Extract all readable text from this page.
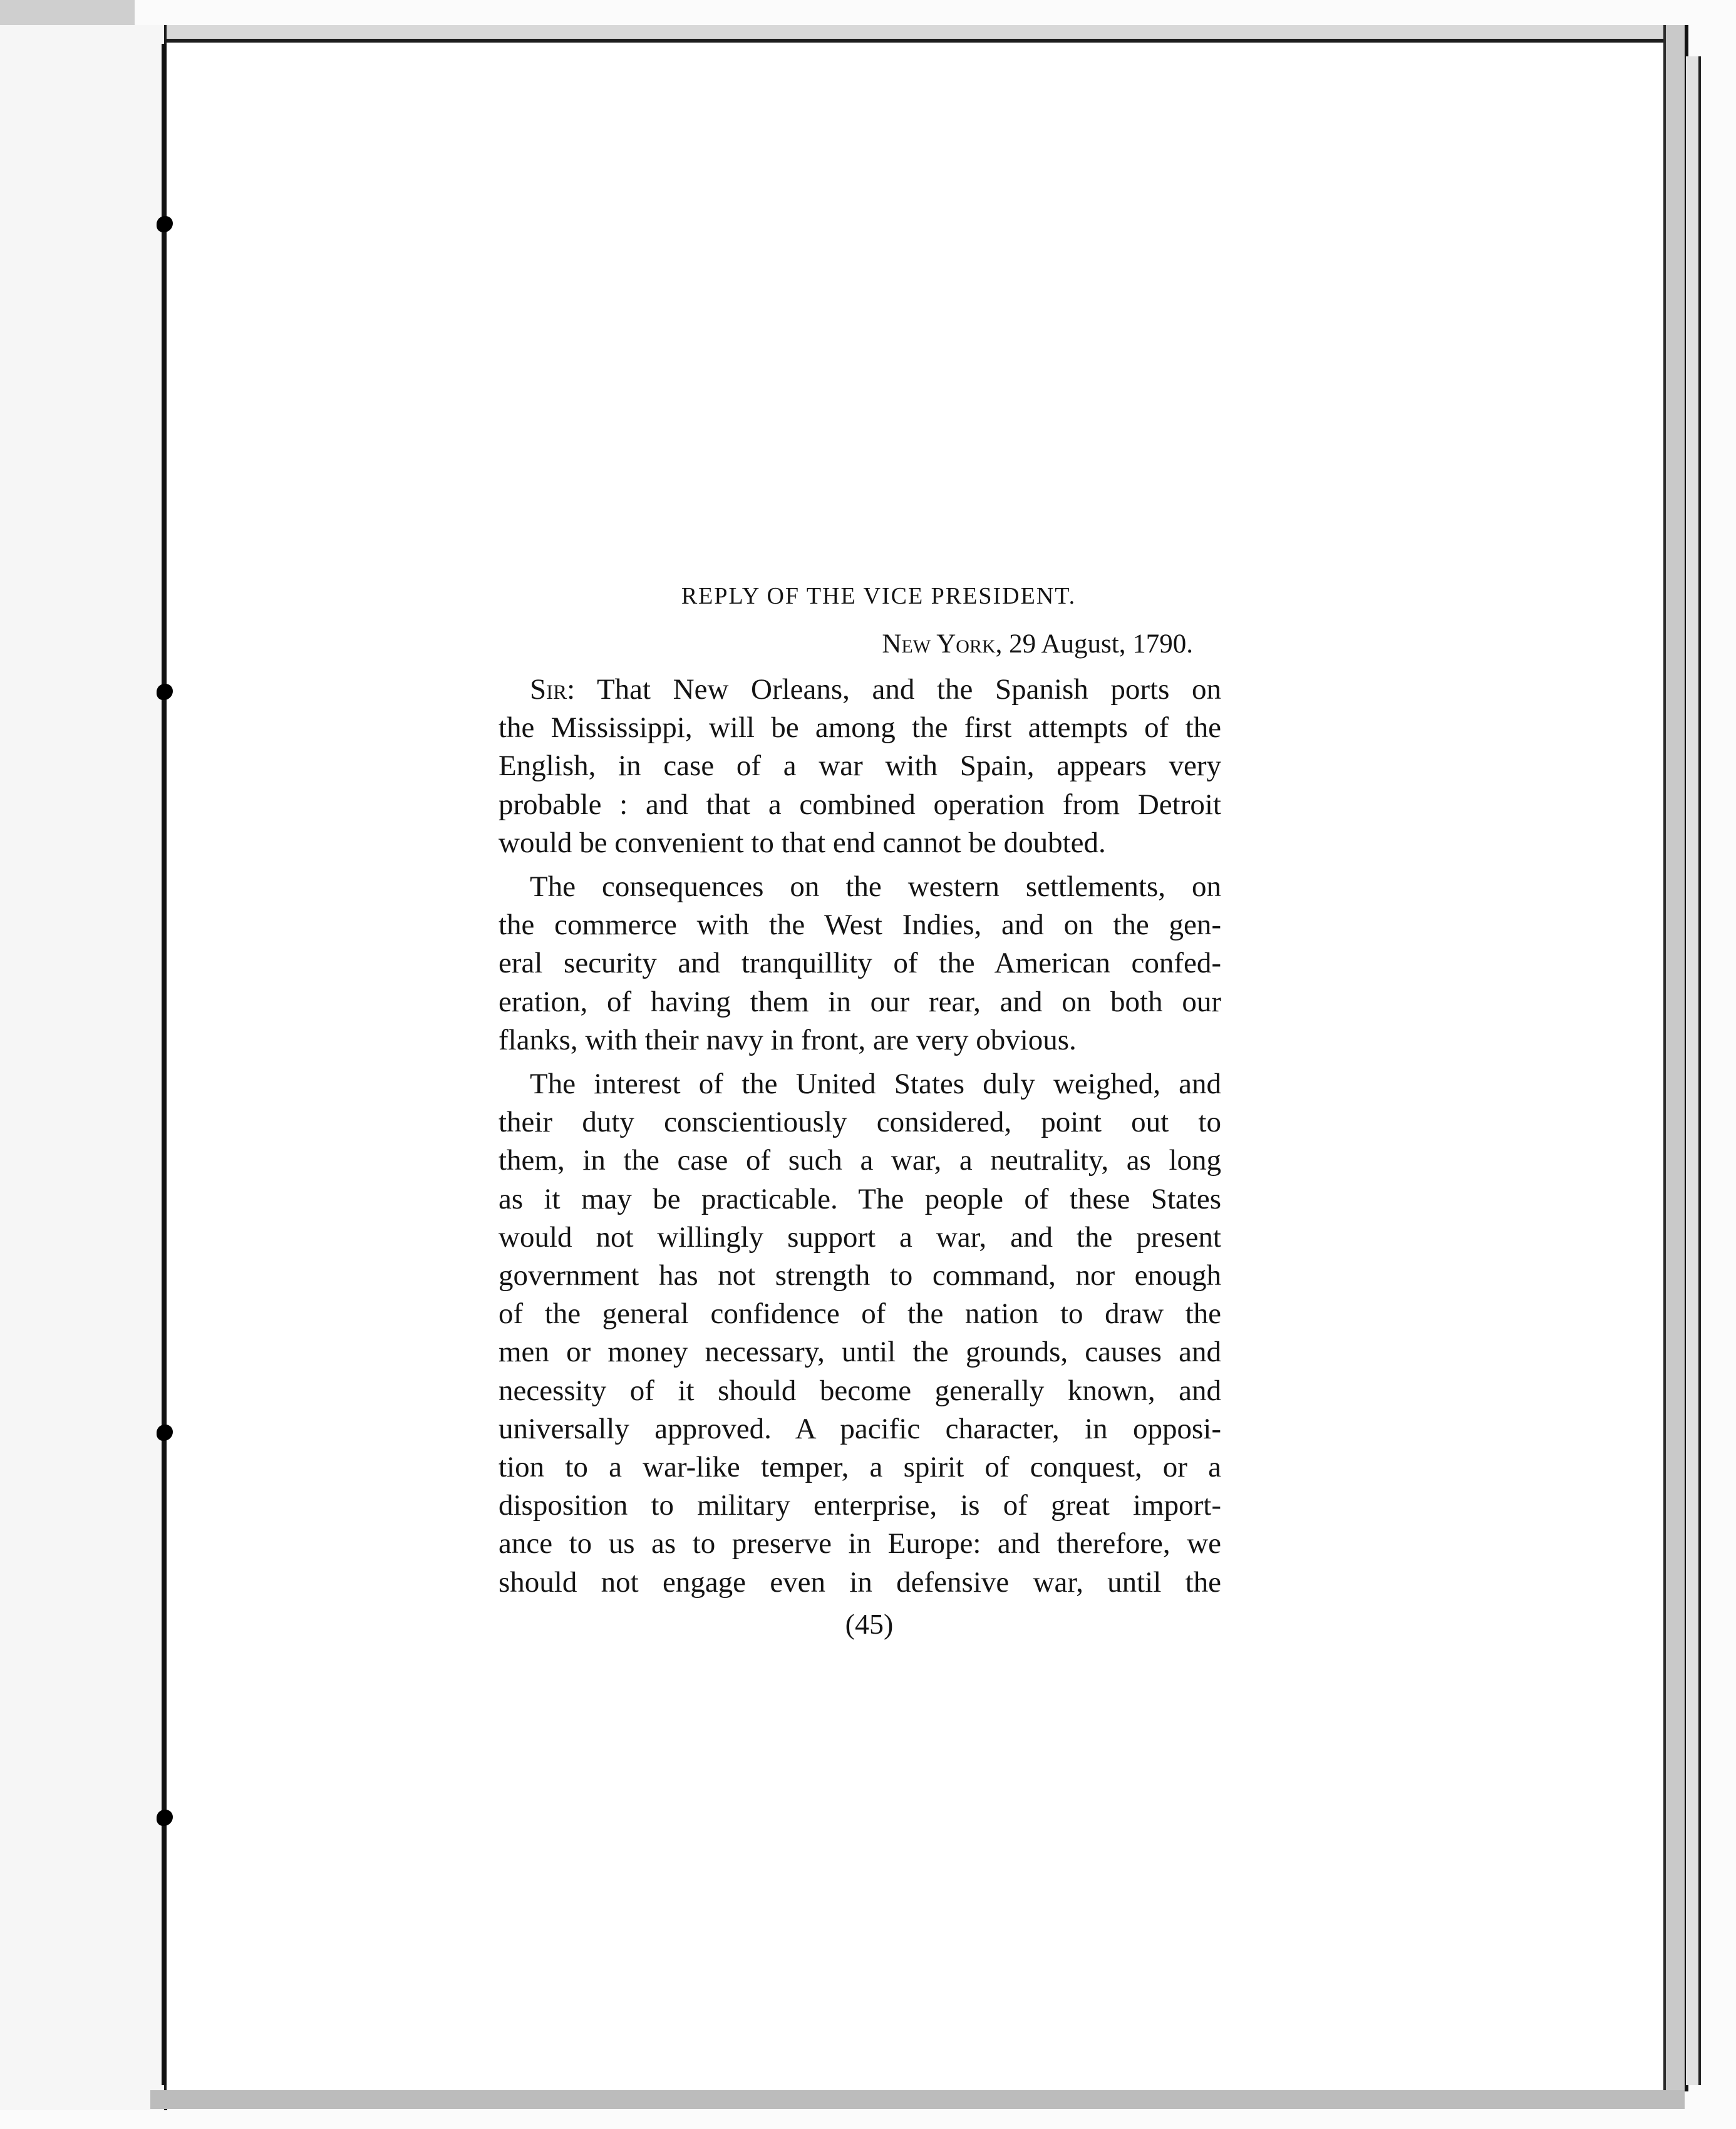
REPLY OF THE VICE PRESIDENT.
New York, 29 August, 1790.
Sir: That New Orleans, and the Spanish ports on
the Mississippi, will be among the first attempts of the
English, in case of a war with Spain, appears very
probable : and that a combined operation from Detroit
would be convenient to that end cannot be doubted.
The consequences on the western settlements, on
the commerce with the West Indies, and on the gen-
eral security and tranquillity of the American confed-
eration, of having them in our rear, and on both our
flanks, with their navy in front, are very obvious.
The interest of the United States duly weighed, and
their duty conscientiously considered, point out to
them, in the case of such a war, a neutrality, as long
as it may be practicable. The people of these States
would not willingly support a war, and the present
government has not strength to command, nor enough
of the general confidence of the nation to draw the
men or money necessary, until the grounds, causes and
necessity of it should become generally known, and
universally approved. A pacific character, in opposi-
tion to a war-like temper, a spirit of conquest, or a
disposition to military enterprise, is of great import-
ance to us as to preserve in Europe: and therefore, we
should not engage even in defensive war, until the
(45)
